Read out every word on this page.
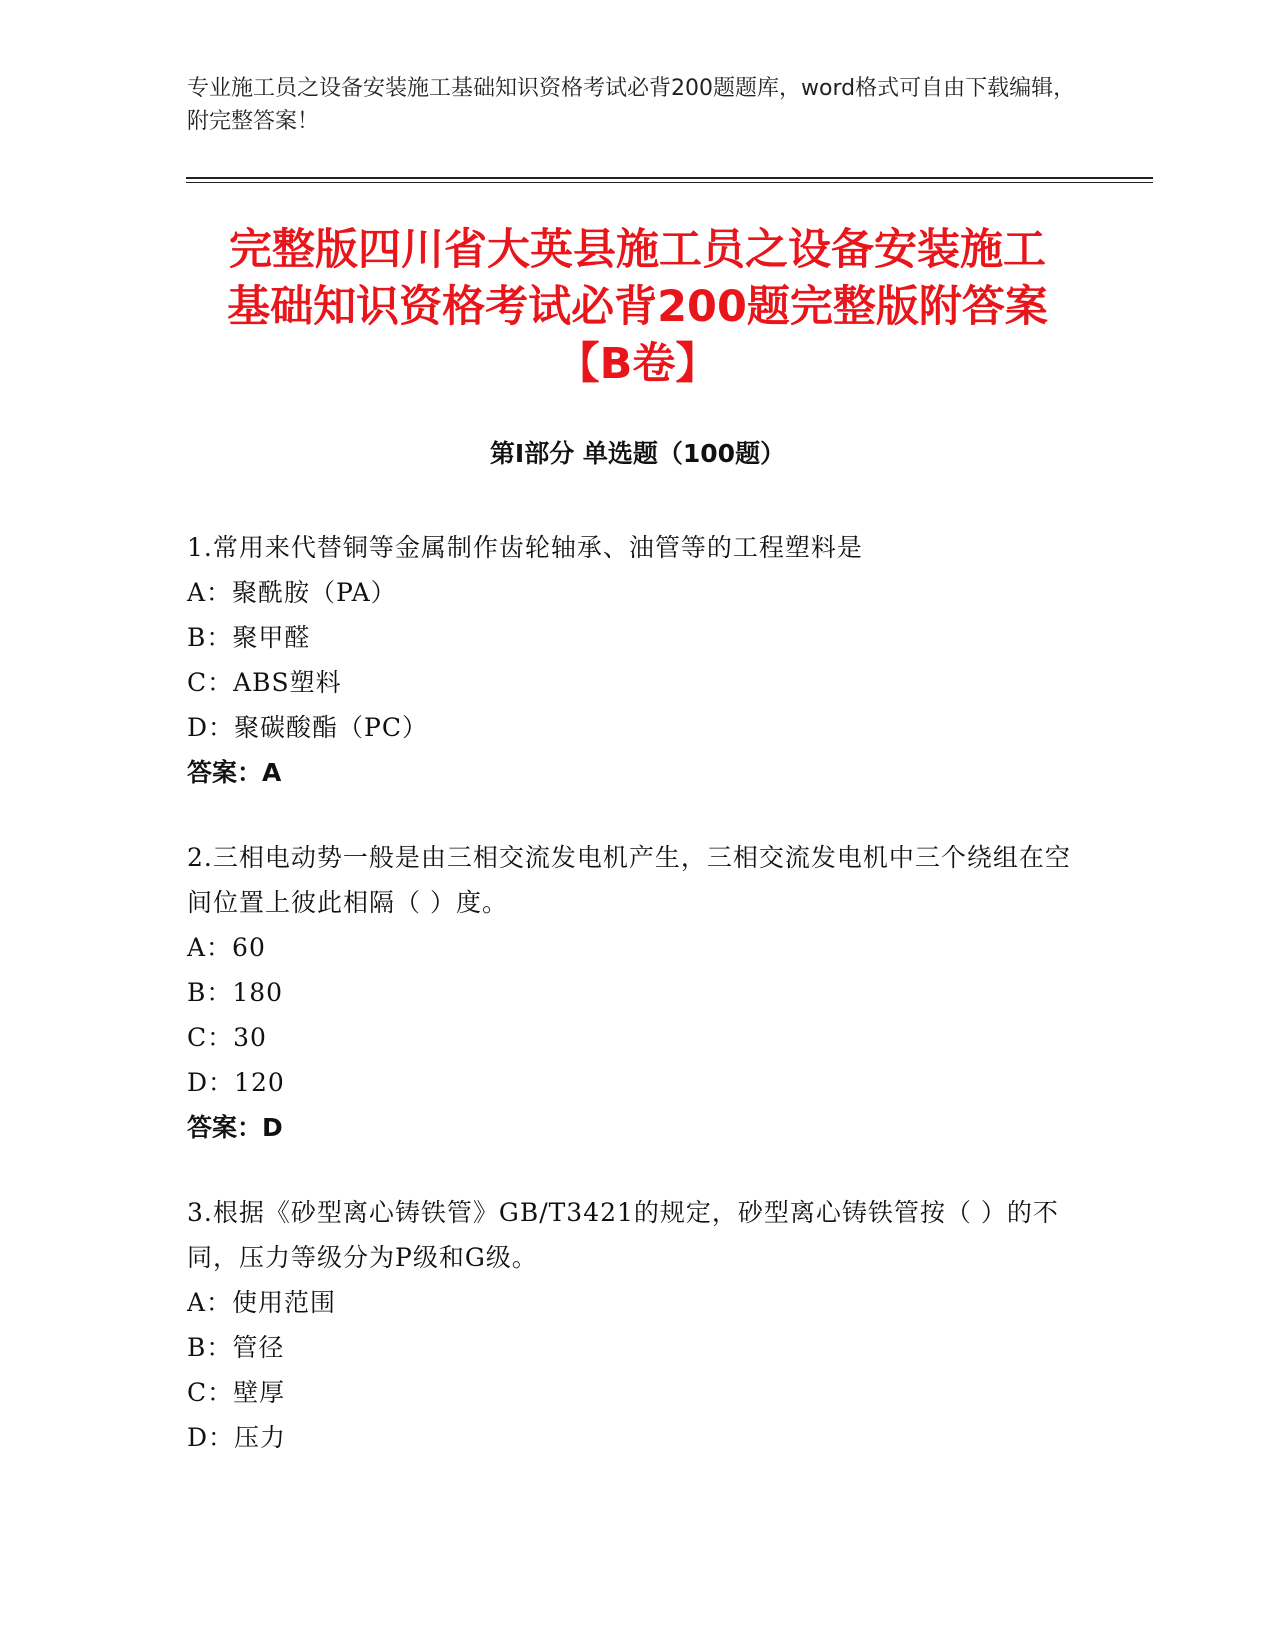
专业施工员之设备安装施工基础知识资格考试必背200题题库，word格式可自由下载编辑，附完整答案！
完整版四川省大英县施工员之设备安装施工
基础知识资格考试必背200题完整版附答案
【B卷】
第I部分 单选题（100题）
1.常用来代替铜等金属制作齿轮轴承、油管等的工程塑料是
A：聚酰胺（PA）
B：聚甲醛
C：ABS塑料
D：聚碳酸酯（PC）
答案：A
2.三相电动势一般是由三相交流发电机产生，三相交流发电机中三个绕组在空间位置上彼此相隔（ ）度。
A：60
B：180
C：30
D：120
答案：D
3.根据《砂型离心铸铁管》GB/T3421的规定，砂型离心铸铁管按（ ）的不同，压力等级分为P级和G级。
A：使用范围
B：管径
C：壁厚
D：压力
